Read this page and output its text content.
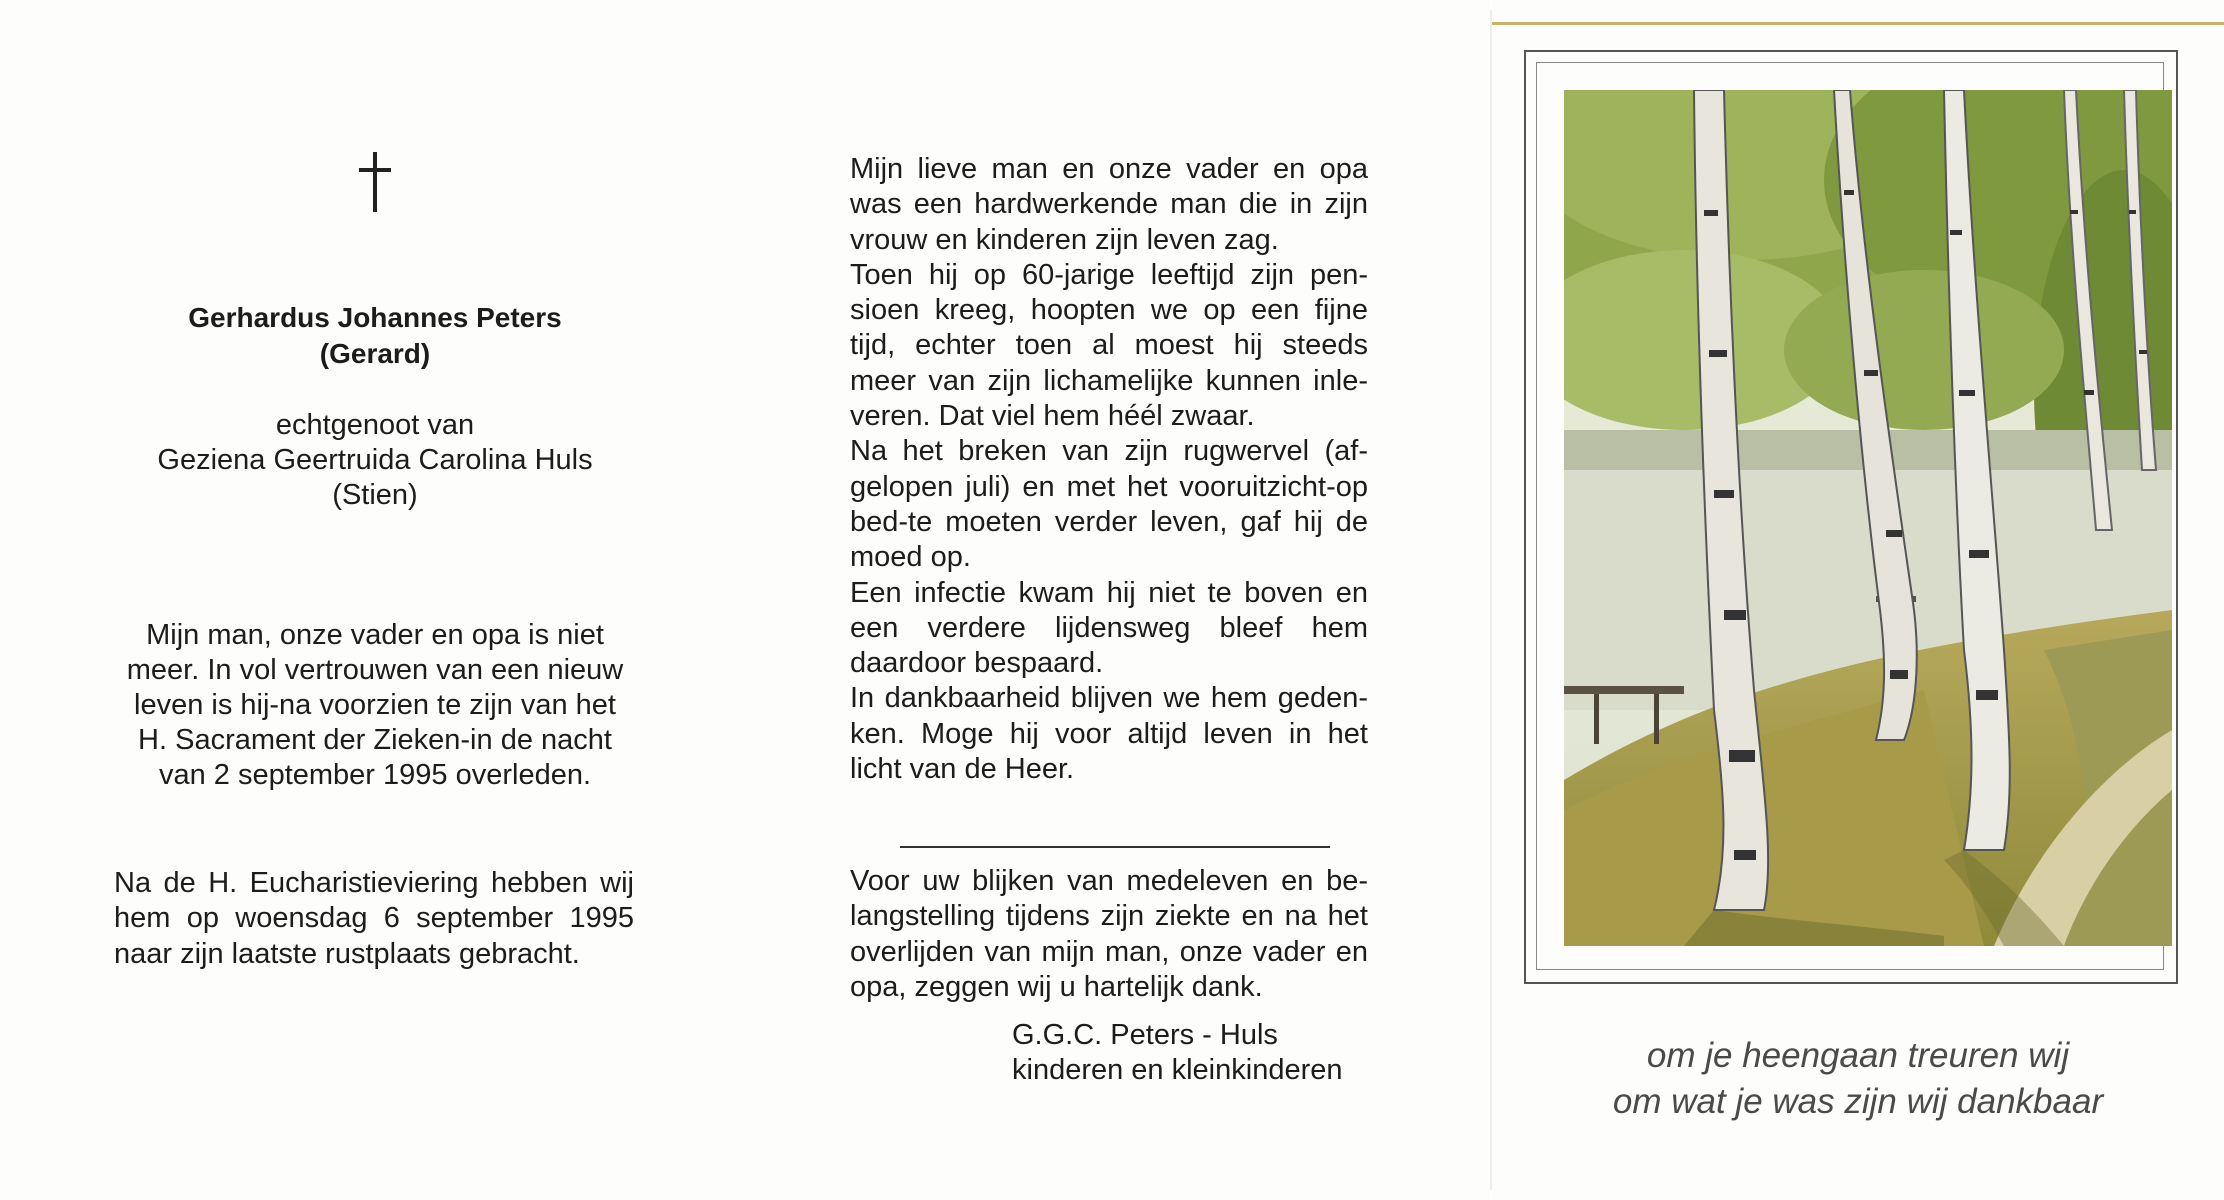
Gerhardus Johannes Peters
(Gerard)
echtgenoot van
Geziena Geertruida Carolina Huls
(Stien)
Mijn man, onze vader en opa is niet
meer. In vol vertrouwen van een nieuw
leven is hij-na voorzien te zijn van het
H. Sacrament der Zieken-in de nacht
van 2 september 1995 overleden.
Na de H. Eucharistieviering hebben wij
hem op woensdag 6 september 1995
naar zijn laatste rustplaats gebracht.
Mijn lieve man en onze vader en opa
was een hardwerkende man die in zijn
vrouw en kinderen zijn leven zag.
Toen hij op 60-jarige leeftijd zijn pen-
sioen kreeg, hoopten we op een fijne
tijd, echter toen al moest hij steeds
meer van zijn lichamelijke kunnen inle-
veren. Dat viel hem héél zwaar.
Na het breken van zijn rugwervel (af-
gelopen juli) en met het vooruitzicht-op
bed-te moeten verder leven, gaf hij de
moed op.
Een infectie kwam hij niet te boven en
een verdere lijdensweg bleef hem
daardoor bespaard.
In dankbaarheid blijven we hem geden-
ken. Moge hij voor altijd leven in het
licht van de Heer.
Voor uw blijken van medeleven en be-
langstelling tijdens zijn ziekte en na het
overlijden van mijn man, onze vader en
opa, zeggen wij u hartelijk dank.
G.G.C. Peters - Huls
kinderen en kleinkinderen	om je heengaan treuren wij
om wat je was zijn wij dankbaar
